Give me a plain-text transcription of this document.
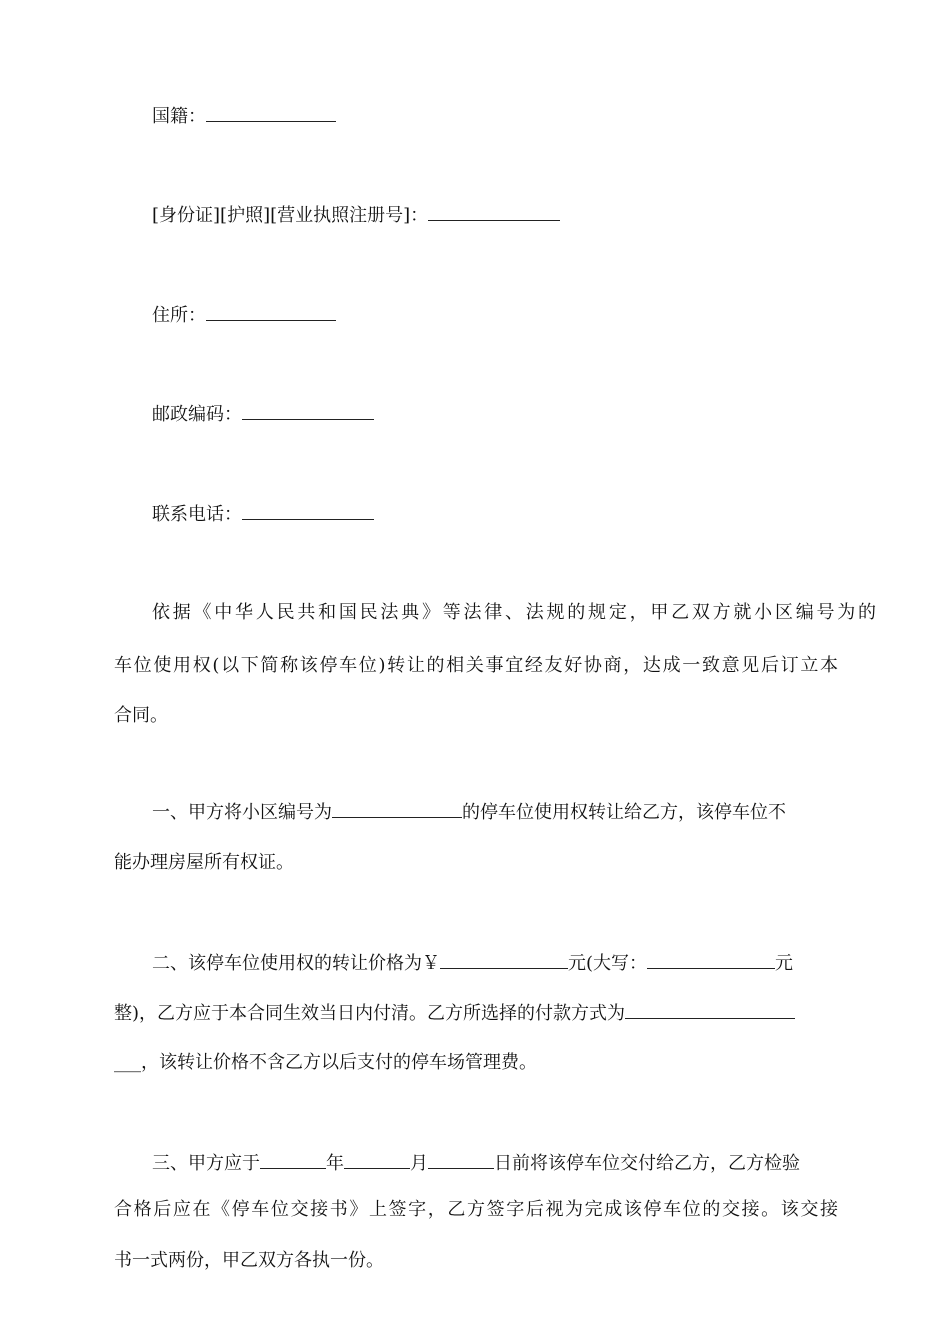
国籍：
[身份证][护照][营业执照注册号]：
住所：
邮政编码：
联系电话：
依据《中华人民共和国民法典》等法律、法规的规定，甲乙双方就小区编号为的
车位使用权(以下简称该停车位)转让的相关事宜经友好协商，达成一致意见后订立本
合同。
一、甲方将小区编号为	的停车位使用权转让给乙方，该停车位不
能办理房屋所有权证。
二、该停车位使用权的转让价格为￥	元(大写：	元
整)，乙方应于本合同生效当日内付清。乙方所选择的付款方式为
___，该转让价格不含乙方以后支付的停车场管理费。
三、甲方应于	年	月	日前将该停车位交付给乙方，乙方检验
合格后应在《停车位交接书》上签字，乙方签字后视为完成该停车位的交接。该交接
书一式两份，甲乙双方各执一份。
